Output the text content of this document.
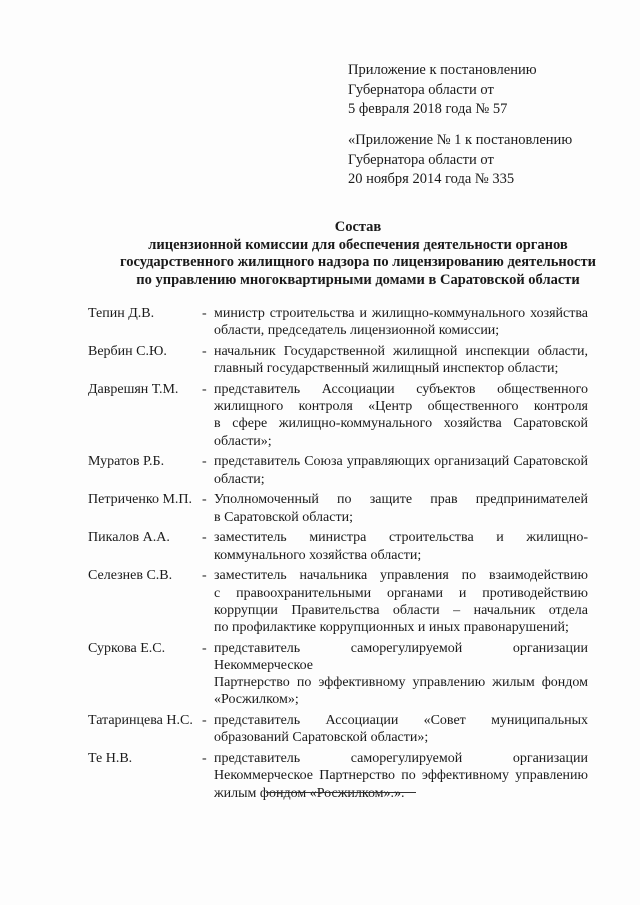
Приложение к постановлению
Губернатора области от
5 февраля 2018 года № 57
«Приложение № 1 к постановлению
Губернатора области от
20 ноября 2014 года № 335
Состав
лицензионной комиссии для обеспечения деятельности органов
государственного жилищного надзора по лицензированию деятельности
по управлению многоквартирными домами в Саратовской области
Тепин Д.В.	- министр строительства и жилищно-коммунального хозяйства
области, председатель лицензионной комиссии;
Вербин С.Ю.	- начальник Государственной жилищной инспекции области,
главный государственный жилищный инспектор области;
Даврешян Т.М.	- представитель Ассоциации субъектов общественного
жилищного контроля «Центр общественного контроля
в сфере жилищно-коммунального хозяйства Саратовской
области»;
Муратов Р.Б.	- представитель Союза управляющих организаций Саратовской
области;
Петриченко М.П. - Уполномоченный по защите прав предпринимателей
в Саратовской области;
Пикалов А.А.	- заместитель министра строительства и жилищно-
коммунального хозяйства области;
Селезнев С.В.	- заместитель начальника управления по взаимодействию
с правоохранительными органами и противодействию
коррупции Правительства области – начальник отдела
по профилактике коррупционных и иных правонарушений;
Суркова Е.С.	- представитель саморегулируемой организации Некоммерческое
Партнерство по эффективному управлению жилым фондом
«Росжилком»;
Татаринцева Н.С. - представитель Ассоциации «Совет муниципальных
образований Саратовской области»;
Те Н.В.	- представитель саморегулируемой организации
Некоммерческое Партнерство по эффективному управлению
жилым фондом «Росжилком».».
